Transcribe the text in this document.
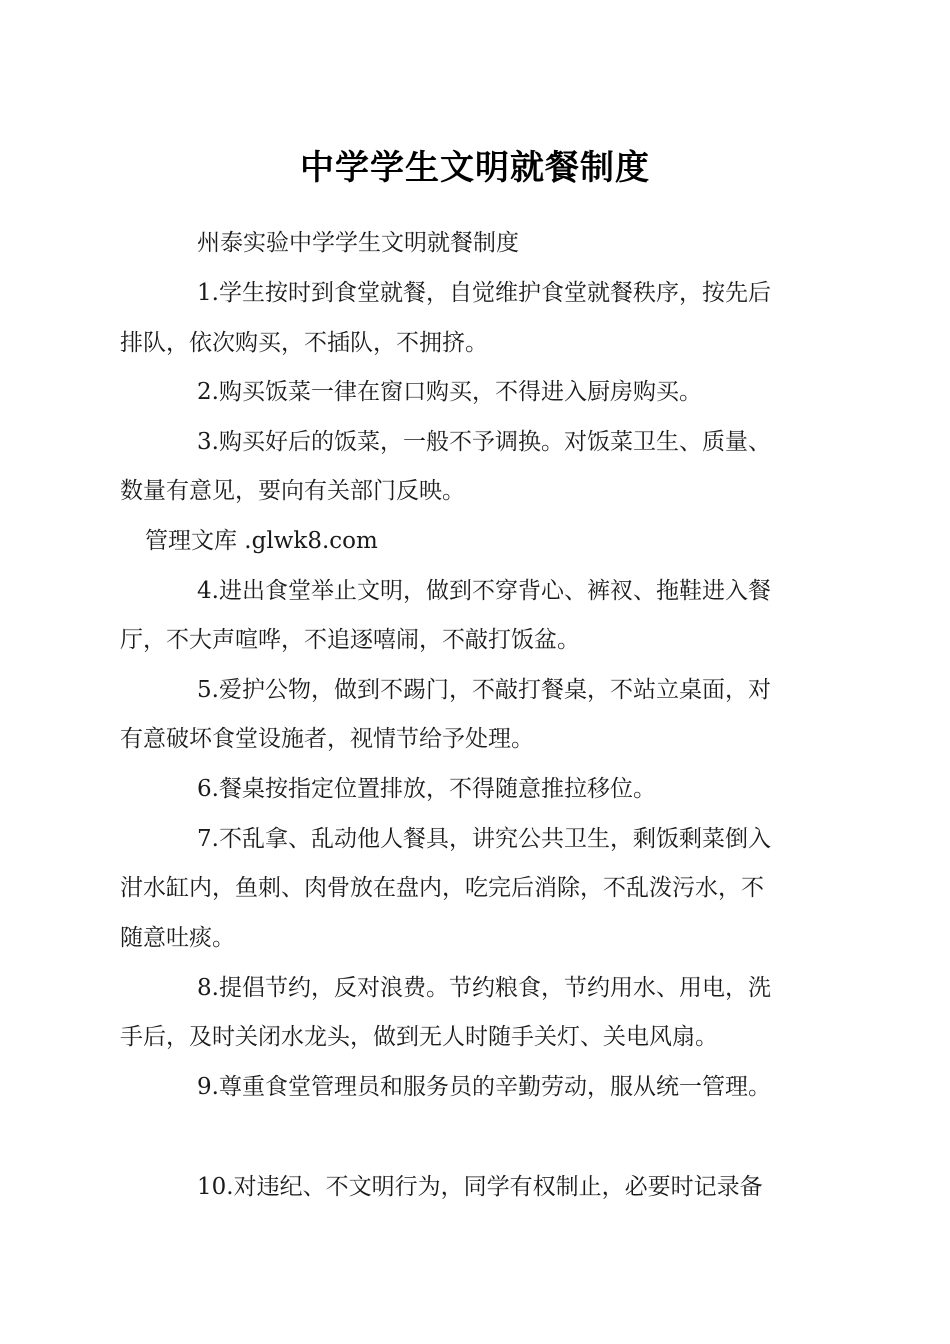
中学学生文明就餐制度
州泰实验中学学生文明就餐制度
1.学生按时到食堂就餐，自觉维护食堂就餐秩序，按先后
排队，依次购买，不插队，不拥挤。
2.购买饭菜一律在窗口购买，不得进入厨房购买。
3.购买好后的饭菜，一般不予调换。对饭菜卫生、质量、
数量有意见，要向有关部门反映。
管理文库 .glwk8.com
4.进出食堂举止文明，做到不穿背心、裤衩、拖鞋进入餐
厅，不大声喧哗，不追逐嘻闹，不敲打饭盆。
5.爱护公物，做到不踢门，不敲打餐桌，不站立桌面，对
有意破坏食堂设施者，视情节给予处理。
6.餐桌按指定位置排放，不得随意推拉移位。
7.不乱拿、乱动他人餐具，讲究公共卫生，剩饭剩菜倒入
泔水缸内，鱼刺、肉骨放在盘内，吃完后消除，不乱泼污水，不
随意吐痰。
8.提倡节约，反对浪费。节约粮食，节约用水、用电，洗
手后，及时关闭水龙头，做到无人时随手关灯、关电风扇。
9.尊重食堂管理员和服务员的辛勤劳动，服从统一管理。
10.对违纪、不文明行为，同学有权制止，必要时记录备
